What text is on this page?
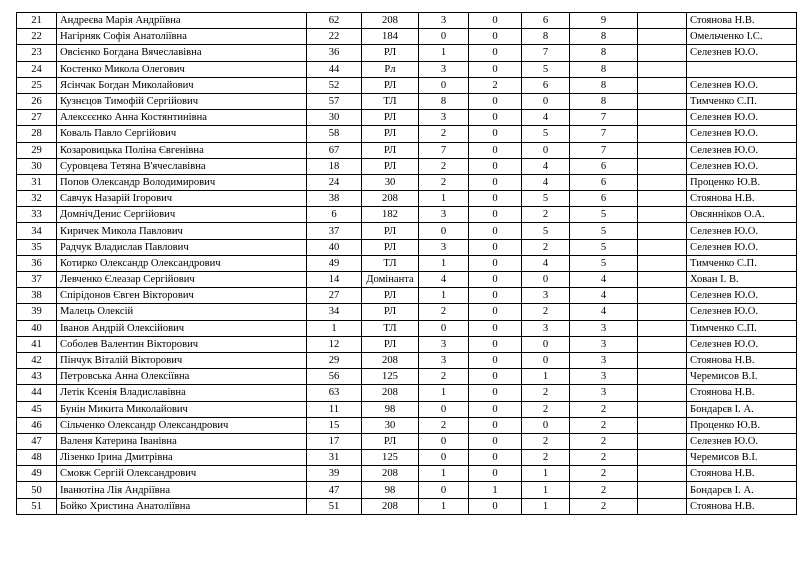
21	Андреєва Марія Андріївна	62	208	3	0	6	9		Стоянова Н.В.
22	Нагірняк Софія Анатоліївна	22	184	0	0	8	8		Омельченко І.С.
23	Овсієнко Богдана Вячеславівна	36	РЛ	1	0	7	8		Селезнев Ю.О.
24	Костенко Микола Олегович	44	Рл	3	0	5	8		
25	Ясінчак Богдан Миколайович	52	РЛ	0	2	6	8		Селезнев Ю.О.
26	Кузнєцов Тимофій Сергійович	57	ТЛ	8	0	0	8		Тимченко С.П.
27	Алексєєнко Анна Костянтинівна	30	РЛ	3	0	4	7		Селезнев Ю.О.
28	Коваль Павло Сергійович	58	РЛ	2	0	5	7		Селезнев Ю.О.
29	Козаровицька Поліна Євгенівна	67	РЛ	7	0	0	7		Селезнев Ю.О.
30	Суровцева Тетяна В'ячеславівна	18	РЛ	2	0	4	6		Селезнев Ю.О.
31	Попов Олександр Володимирович	24	30	2	0	4	6		Проценко Ю.В.
32	Савчук Назарій Ігорович	38	208	1	0	5	6		Стоянова Н.В.
33	ДомнічДенис Сергійович	6	182	3	0	2	5		Овсянніков О.А.
34	Киричек Микола Павлович	37	РЛ	0	0	5	5		Селезнев Ю.О.
35	Радчук Владислав Павлович	40	РЛ	3	0	2	5		Селезнев Ю.О.
36	Котирко Олександр Олександрович	49	ТЛ	1	0	4	5		Тимченко С.П.
37	Левченко Єлеазар Сергійович	14	Домінанта	4	0	0	4		Хован І. В.
38	Спірідонов Євген Вікторович	27	РЛ	1	0	3	4		Селезнев Ю.О.
39	Малець Олексій	34	РЛ	2	0	2	4		Селезнев Ю.О.
40	Іванов Андрій Олексійович	1	ТЛ	0	0	3	3		Тимченко С.П.
41	Соболев Валентин Вікторович	12	РЛ	3	0	0	3		Селезнев Ю.О.
42	Пінчук Віталій Вікторович	29	208	3	0	0	3		Стоянова Н.В.
43	Петровська Анна Олексіївна	56	125	2	0	1	3		Черемисов В.І.
44	Летік Ксенія Владиславівна	63	208	1	0	2	3		Стоянова Н.В.
45	Бунін Микита Миколайович	11	98	0	0	2	2		Бондарєв І. А.
46	Сільченко Олександр Олександрович	15	30	2	0	0	2		Проценко Ю.В.
47	Валеня Катерина Іванівна	17	РЛ	0	0	2	2		Селезнев Ю.О.
48	Лізенко Ірина Дмитрівна	31	125	0	0	2	2		Черемисов В.І.
49	Смовж Сергій Олександрович	39	208	1	0	1	2		Стоянова Н.В.
50	Іванютіна Лія Андріївна	47	98	0	1	1	2		Бондарєв І. А.
51	Бойко Христина Анатоліївна	51	208	1	0	1	2		Стоянова Н.В.
